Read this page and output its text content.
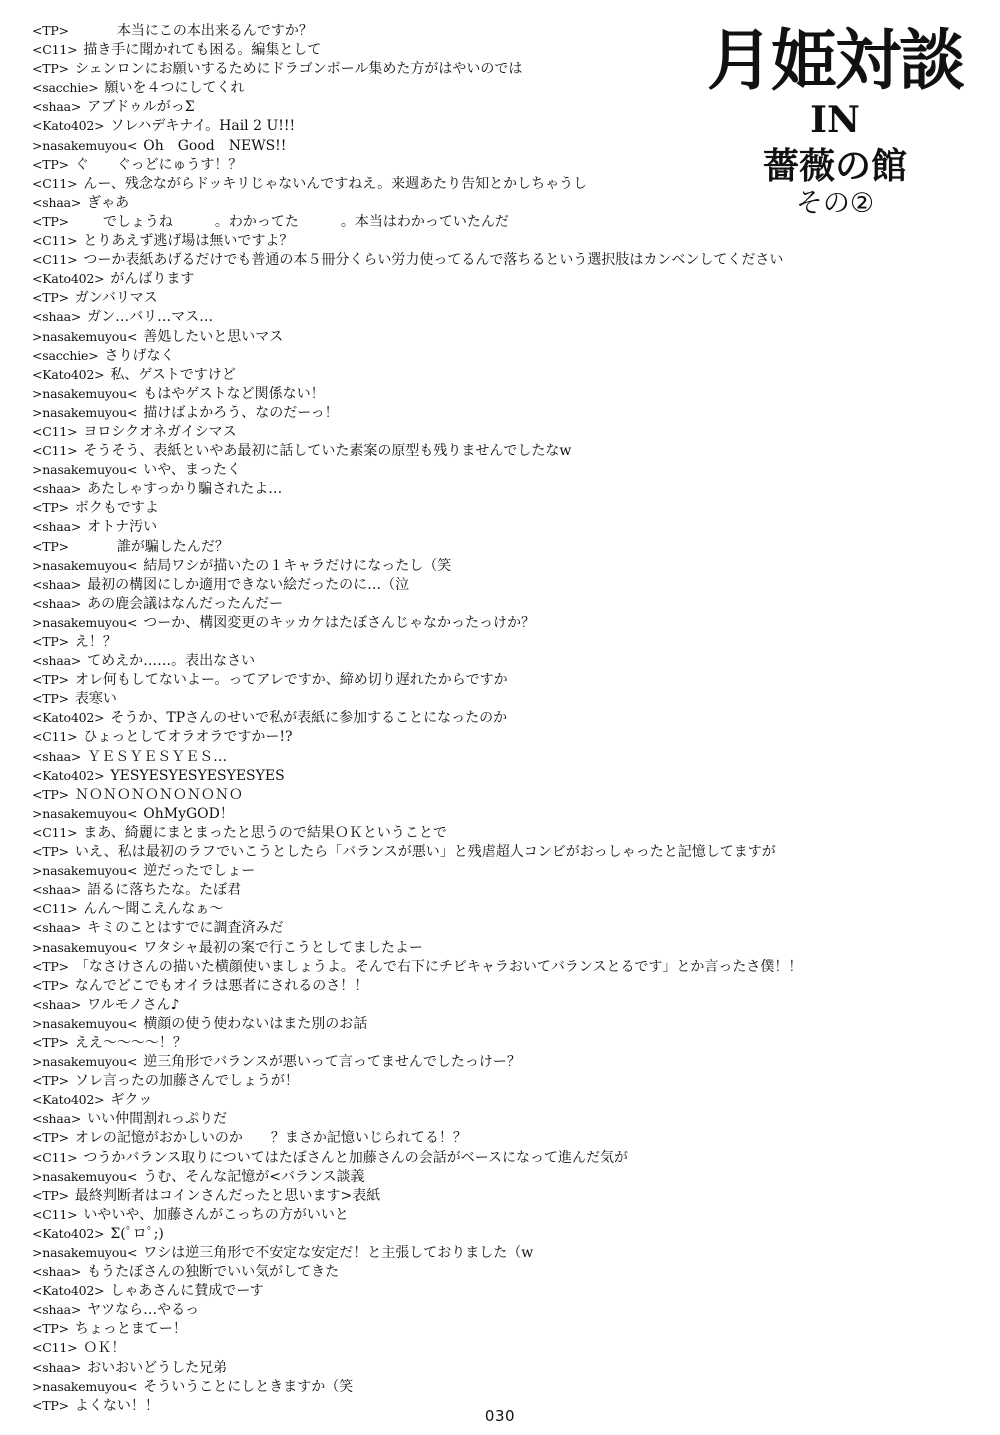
月姫対談
IN
薔薇の館
その②
<TP>　　　本当にこの本出来るんですか？
<C11> 描き手に聞かれても困る。編集として
<TP> シェンロンにお願いするためにドラゴンボール集めた方がはやいのでは
<sacchie> 願いを４つにしてくれ
<shaa> アブドゥルがっΣ
<Kato402> ソレハデキナイ。Hail 2 U!!!
>nasakemuyou< Oh　Good　NEWS!!
<TP> ぐ　　ぐっどにゅうす！？
<C11> んー、残念ながらドッキリじゃないんですねえ。来週あたり告知とかしちゃうし
<shaa> ぎゃあ
<TP>　　でしょうね　　　。わかってた　　　。本当はわかっていたんだ
<C11> とりあえず逃げ場は無いですよ？
<C11> つーか表紙あげるだけでも普通の本５冊分くらい労力使ってるんで落ちるという選択肢はカンベンしてください
<Kato402> がんばります
<TP> ガンバリマス
<shaa> ガン…バリ…マス…
>nasakemuyou< 善処したいと思いマス
<sacchie> さりげなく
<Kato402> 私、ゲストですけど
>nasakemuyou< もはやゲストなど関係ない！
>nasakemuyou< 描けばよかろう、なのだーっ！
<C11> ヨロシクオネガイシマス
<C11> そうそう、表紙といやあ最初に話していた素案の原型も残りませんでしたなw
>nasakemuyou< いや、まったく
<shaa> あたしゃすっかり騙されたよ…
<TP> ボクもですよ
<shaa> オトナ汚い
<TP>　　　誰が騙したんだ？
>nasakemuyou< 結局ワシが描いたの１キャラだけになったし（笑
<shaa> 最初の構図にしか適用できない絵だったのに…（泣
<shaa> あの鹿会議はなんだったんだー
>nasakemuyou< つーか、構図変更のキッカケはたぼさんじゃなかったっけか？
<TP> え！？
<shaa> てめえか……。表出なさい
<TP> オレ何もしてないよー。ってアレですか、締め切り遅れたからですか
<TP> 表寒い
<Kato402> そうか、TPさんのせいで私が表紙に参加することになったのか
<C11> ひょっとしてオラオラですかー!?
<shaa> ＹＥＳＹＥＳＹＥＳ…
<Kato402> YESYESYESYESYESYES
<TP> ＮＯＮＯＮＯＮＯＮＯＮＯ
>nasakemuyou< OhMyGOD！
<C11> まあ、綺麗にまとまったと思うので結果ＯＫということで
<TP> いえ、私は最初のラフでいこうとしたら「バランスが悪い」と残虐超人コンビがおっしゃったと記憶してますが
>nasakemuyou< 逆だったでしょー
<shaa> 語るに落ちたな。たぼ君
<C11> んん～聞こえんなぁ～
<shaa> キミのことはすでに調査済みだ
>nasakemuyou< ワタシャ最初の案で行こうとしてましたよー
<TP> 「なさけさんの描いた横顔使いましょうよ。そんで右下にチビキャラおいてバランスとるです」とか言ったさ僕！！
<TP> なんでどこでもオイラは悪者にされるのさ！！
<shaa> ワルモノさん♪
>nasakemuyou< 横顔の使う使わないはまた別のお話
<TP> ええ～～～～！？
>nasakemuyou< 逆三角形でバランスが悪いって言ってませんでしたっけー？
<TP> ソレ言ったの加藤さんでしょうが！
<Kato402> ギクッ
<shaa> いい仲間割れっぷりだ
<TP> オレの記憶がおかしいのか　　？まさか記憶いじられてる！？
<C11> つうかバランス取りについてはたぼさんと加藤さんの会話がベースになって進んだ気が
>nasakemuyou< うむ、そんな記憶が<バランス談義
<TP> 最終判断者はコインさんだったと思います>表紙
<C11> いやいや、加藤さんがこっちの方がいいと
<Kato402> Σ(ﾟロﾟ;)
>nasakemuyou< ワシは逆三角形で不安定な安定だ！と主張しておりました（w
<shaa> もうたぼさんの独断でいい気がしてきた
<Kato402> しゃあさんに賛成でーす
<shaa> ヤツなら…やるっ
<TP> ちょっとまてー！
<C11> ＯＫ！
<shaa> おいおいどうした兄弟
>nasakemuyou< そういうことにしときますか（笑
<TP> よくない！！
030
